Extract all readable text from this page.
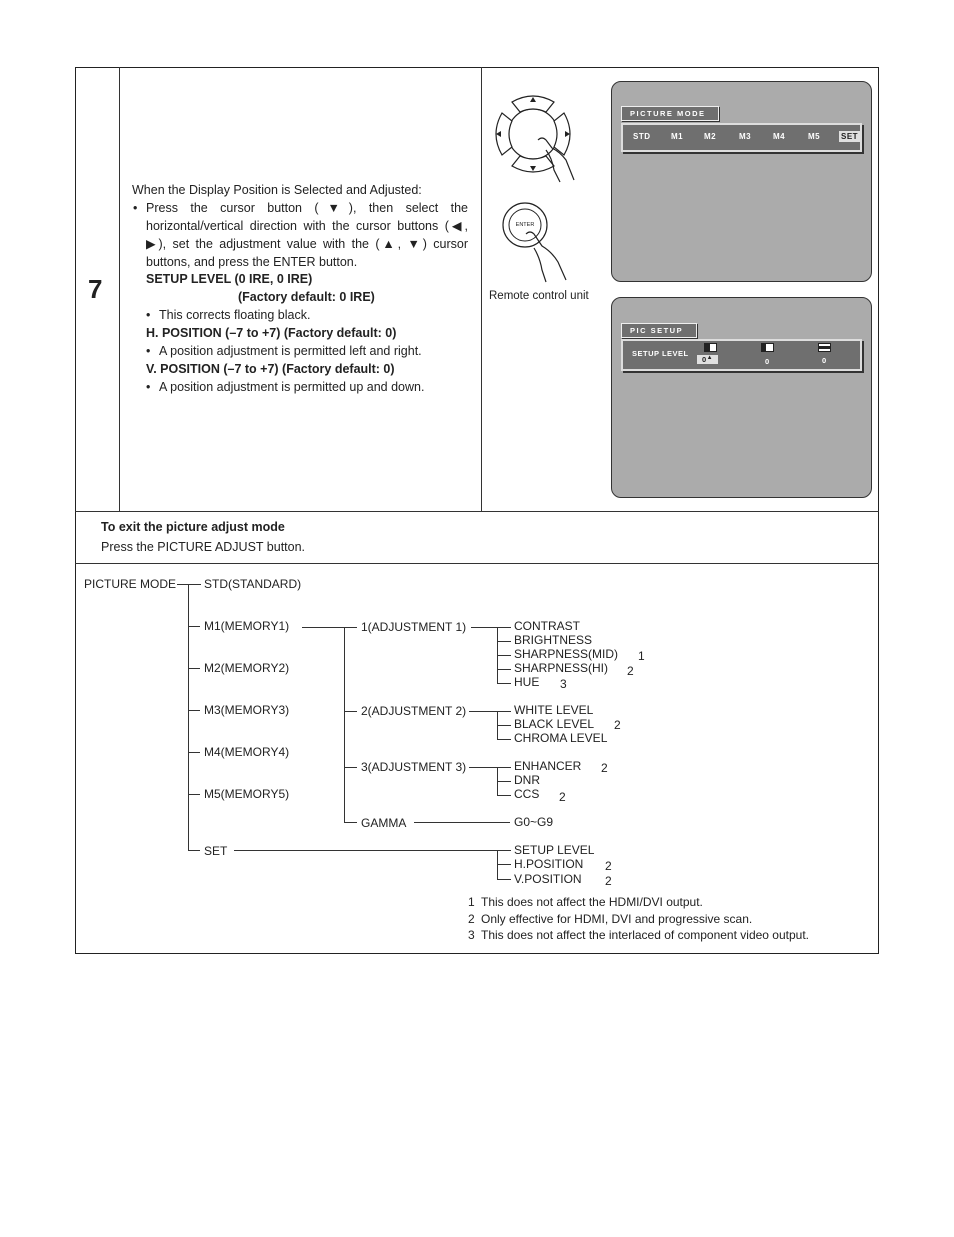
7
When the Display Position is Selected and Adjusted:
• Press the cursor button (▼), then select the
horizontal/vertical direction with the cursor buttons (◀,
▶), set the adjustment value with the (▲, ▼) cursor
buttons, and press the ENTER button.
SETUP LEVEL (0 IRE, 0 IRE)
(Factory default: 0 IRE)
• This corrects floating black.
H. POSITION (–7 to +7) (Factory default: 0)
• A position adjustment is permitted left and right.
V. POSITION (–7 to +7) (Factory default: 0)
• A position adjustment is permitted up and down.
ENTER
Remote control unit
PICTURE MODE
STD	M1	M2	M3	M4	M5	SET
PIC SETUP
SETUP LEVEL
0▲	0	0
To exit the picture adjust mode
Press the PICTURE ADJUST button.
PICTURE MODE STD(STANDARD)
M1(MEMORY1)
M2(MEMORY2)
M3(MEMORY3)
M4(MEMORY4)
M5(MEMORY5)
SET
1(ADJUSTMENT 1)
2(ADJUSTMENT 2)
3(ADJUSTMENT 3)
GAMMA	G0~G9
CONTRAST
BRIGHTNESS
SHARPNESS(MID) 1
SHARPNESS(HI) 2
HUE 3
WHITE LEVEL
BLACK LEVEL 2
CHROMA LEVEL
ENHANCER 2
DNR
CCS 2
SETUP LEVEL
H.POSITION 2
V.POSITION 2
1 This does not affect the HDMI/DVI output.
2 Only effective for HDMI, DVI and progressive scan.
3 This does not affect the interlaced of component video output.
